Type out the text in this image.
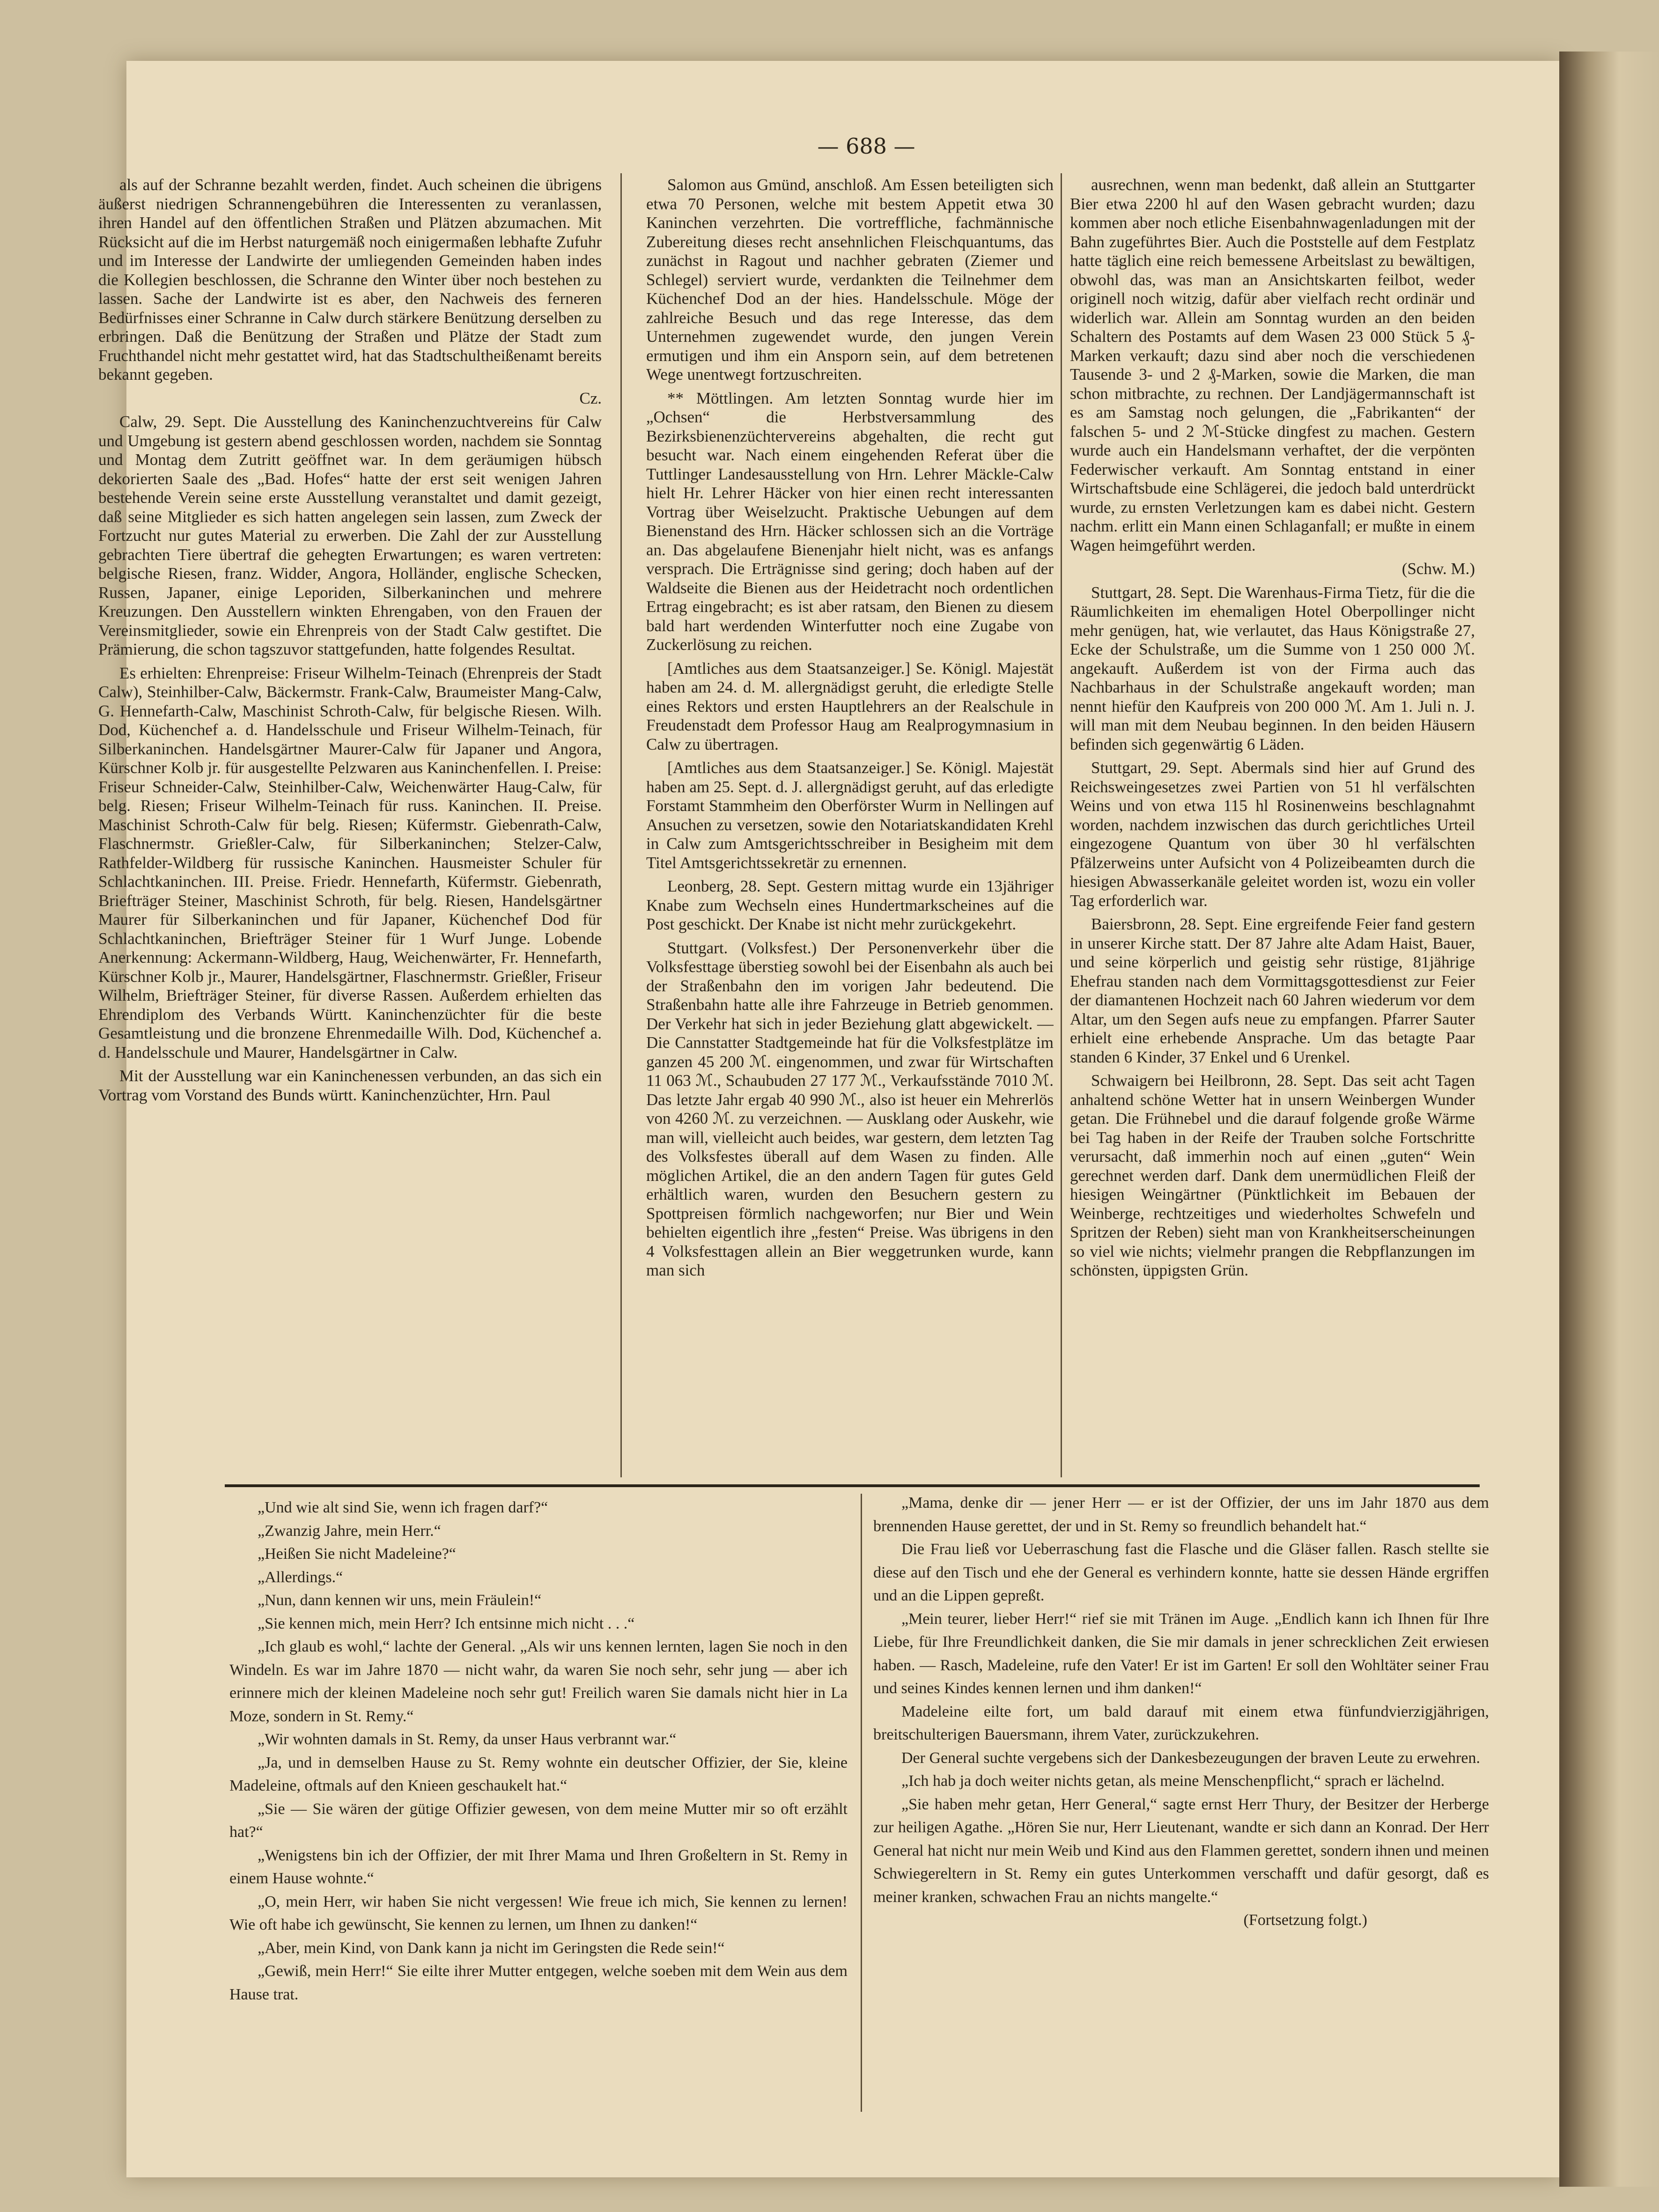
— 688 —

als auf der Schranne bezahlt werden, findet. Auch scheinen die übrigens äußerst niedrigen Schrannengebühren die Interessenten zu veranlassen, ihren Handel auf den öffentlichen Straßen und Plätzen abzumachen. Mit Rücksicht auf die im Herbst naturgemäß noch einigermaßen lebhafte Zufuhr und im Interesse der Landwirte der umliegenden Gemeinden haben indes die Kollegien beschlossen, die Schranne den Winter über noch bestehen zu lassen. Sache der Landwirte ist es aber, den Nachweis des ferneren Bedürfnisses einer Schranne in Calw durch stärkere Benützung derselben zu erbringen. Daß die Benützung der Straßen und Plätze der Stadt zum Fruchthandel nicht mehr gestattet wird, hat das Stadtschultheißenamt bereits bekannt gegeben.

Cz.

Calw, 29. Sept. Die Ausstellung des Kaninchenzuchtvereins für Calw und Umgebung ist gestern abend geschlossen worden, nachdem sie Sonntag und Montag dem Zutritt geöffnet war. In dem geräumigen hübsch dekorierten Saale des „Bad. Hofes“ hatte der erst seit wenigen Jahren bestehende Verein seine erste Ausstellung veranstaltet und damit gezeigt, daß seine Mitglieder es sich hatten angelegen sein lassen, zum Zweck der Fortzucht nur gutes Material zu erwerben. Die Zahl der zur Ausstellung gebrachten Tiere übertraf die gehegten Erwartungen; es waren vertreten: belgische Riesen, franz. Widder, Angora, Holländer, englische Schecken, Russen, Japaner, einige Leporiden, Silberkaninchen und mehrere Kreuzungen. Den Ausstellern winkten Ehrengaben, von den Frauen der Vereinsmitglieder, sowie ein Ehrenpreis von der Stadt Calw gestiftet. Die Prämierung, die schon tagszuvor stattgefunden, hatte folgendes Resultat.

Es erhielten: Ehrenpreise: Friseur Wilhelm-Teinach (Ehrenpreis der Stadt Calw), Steinhilber-Calw, Bäckermstr. Frank-Calw, Braumeister Mang-Calw, G. Hennefarth-Calw, Maschinist Schroth-Calw, für belgische Riesen. Wilh. Dod, Küchenchef a. d. Handelsschule und Friseur Wilhelm-Teinach, für Silberkaninchen. Handelsgärtner Maurer-Calw für Japaner und Angora, Kürschner Kolb jr. für ausgestellte Pelzwaren aus Kaninchenfellen. I. Preise: Friseur Schneider-Calw, Steinhilber-Calw, Weichenwärter Haug-Calw, für belg. Riesen; Friseur Wilhelm-Teinach für russ. Kaninchen. II. Preise. Maschinist Schroth-Calw für belg. Riesen; Küfermstr. Giebenrath-Calw, Flaschnermstr. Grießler-Calw, für Silberkaninchen; Stelzer-Calw, Rathfelder-Wildberg für russische Kaninchen. Hausmeister Schuler für Schlachtkaninchen. III. Preise. Friedr. Hennefarth, Küfermstr. Giebenrath, Briefträger Steiner, Maschinist Schroth, für belg. Riesen, Handelsgärtner Maurer für Silberkaninchen und für Japaner, Küchenchef Dod für Schlachtkaninchen, Briefträger Steiner für 1 Wurf Junge. Lobende Anerkennung: Ackermann-Wildberg, Haug, Weichenwärter, Fr. Hennefarth, Kürschner Kolb jr., Maurer, Handelsgärtner, Flaschnermstr. Grießler, Friseur Wilhelm, Briefträger Steiner, für diverse Rassen. Außerdem erhielten das Ehrendiplom des Verbands Württ. Kaninchenzüchter für die beste Gesamtleistung und die bronzene Ehrenmedaille Wilh. Dod, Küchenchef a. d. Handelsschule und Maurer, Handelsgärtner in Calw.

Mit der Ausstellung war ein Kaninchenessen verbunden, an das sich ein Vortrag vom Vorstand des Bunds württ. Kaninchenzüchter, Hrn. Paul

Salomon aus Gmünd, anschloß. Am Essen beteiligten sich etwa 70 Personen, welche mit bestem Appetit etwa 30 Kaninchen verzehrten. Die vortreffliche, fachmännische Zubereitung dieses recht ansehnlichen Fleischquantums, das zunächst in Ragout und nachher gebraten (Ziemer und Schlegel) serviert wurde, verdankten die Teilnehmer dem Küchenchef Dod an der hies. Handelsschule. Möge der zahlreiche Besuch und das rege Interesse, das dem Unternehmen zugewendet wurde, den jungen Verein ermutigen und ihm ein Ansporn sein, auf dem betretenen Wege unentwegt fortzuschreiten.

** Möttlingen. Am letzten Sonntag wurde hier im „Ochsen“ die Herbstversammlung des Bezirksbienenzüchtervereins abgehalten, die recht gut besucht war. Nach einem eingehenden Referat über die Tuttlinger Landesausstellung von Hrn. Lehrer Mäckle-Calw hielt Hr. Lehrer Häcker von hier einen recht interessanten Vortrag über Weiselzucht. Praktische Uebungen auf dem Bienenstand des Hrn. Häcker schlossen sich an die Vorträge an. Das abgelaufene Bienenjahr hielt nicht, was es anfangs versprach. Die Erträgnisse sind gering; doch haben auf der Waldseite die Bienen aus der Heidetracht noch ordentlichen Ertrag eingebracht; es ist aber ratsam, den Bienen zu diesem bald hart werdenden Winterfutter noch eine Zugabe von Zuckerlösung zu reichen.

[Amtliches aus dem Staatsanzeiger.] Se. Königl. Majestät haben am 24. d. M. allergnädigst geruht, die erledigte Stelle eines Rektors und ersten Hauptlehrers an der Realschule in Freudenstadt dem Professor Haug am Realprogymnasium in Calw zu übertragen.

[Amtliches aus dem Staatsanzeiger.] Se. Königl. Majestät haben am 25. Sept. d. J. allergnädigst geruht, auf das erledigte Forstamt Stammheim den Oberförster Wurm in Nellingen auf Ansuchen zu versetzen, sowie den Notariatskandidaten Krehl in Calw zum Amtsgerichtsschreiber in Besigheim mit dem Titel Amtsgerichtssekretär zu ernennen.

Leonberg, 28. Sept. Gestern mittag wurde ein 13jähriger Knabe zum Wechseln eines Hundertmarkscheines auf die Post geschickt. Der Knabe ist nicht mehr zurückgekehrt.

Stuttgart. (Volksfest.) Der Personenverkehr über die Volksfesttage überstieg sowohl bei der Eisenbahn als auch bei der Straßenbahn den im vorigen Jahr bedeutend. Die Straßenbahn hatte alle ihre Fahrzeuge in Betrieb genommen. Der Verkehr hat sich in jeder Beziehung glatt abgewickelt. — Die Cannstatter Stadtgemeinde hat für die Volksfestplätze im ganzen 45 200 ℳ. eingenommen, und zwar für Wirtschaften 11 063 ℳ., Schaubuden 27 177 ℳ., Verkaufsstände 7010 ℳ. Das letzte Jahr ergab 40 990 ℳ., also ist heuer ein Mehrerlös von 4260 ℳ. zu verzeichnen. — Ausklang oder Auskehr, wie man will, vielleicht auch beides, war gestern, dem letzten Tag des Volksfestes überall auf dem Wasen zu finden. Alle möglichen Artikel, die an den andern Tagen für gutes Geld erhältlich waren, wurden den Besuchern gestern zu Spottpreisen förmlich nachgeworfen; nur Bier und Wein behielten eigentlich ihre „festen“ Preise. Was übrigens in den 4 Volksfesttagen allein an Bier weggetrunken wurde, kann man sich

ausrechnen, wenn man bedenkt, daß allein an Stuttgarter Bier etwa 2200 hl auf den Wasen gebracht wurden; dazu kommen aber noch etliche Eisenbahnwagenladungen mit der Bahn zugeführtes Bier. Auch die Poststelle auf dem Festplatz hatte täglich eine reich bemessene Arbeitslast zu bewältigen, obwohl das, was man an Ansichtskarten feilbot, weder originell noch witzig, dafür aber vielfach recht ordinär und widerlich war. Allein am Sonntag wurden an den beiden Schaltern des Postamts auf dem Wasen 23 000 Stück 5 ₰-Marken verkauft; dazu sind aber noch die verschiedenen Tausende 3- und 2 ₰-Marken, sowie die Marken, die man schon mitbrachte, zu rechnen. Der Landjägermannschaft ist es am Samstag noch gelungen, die „Fabrikanten“ der falschen 5- und 2 ℳ-Stücke dingfest zu machen. Gestern wurde auch ein Handelsmann verhaftet, der die verpönten Federwischer verkauft. Am Sonntag entstand in einer Wirtschaftsbude eine Schlägerei, die jedoch bald unterdrückt wurde, zu ernsten Verletzungen kam es dabei nicht. Gestern nachm. erlitt ein Mann einen Schlaganfall; er mußte in einem Wagen heimgeführt werden.

(Schw. M.)

Stuttgart, 28. Sept. Die Warenhaus-Firma Tietz, für die die Räumlichkeiten im ehemaligen Hotel Oberpollinger nicht mehr genügen, hat, wie verlautet, das Haus Königstraße 27, Ecke der Schulstraße, um die Summe von 1 250 000 ℳ. angekauft. Außerdem ist von der Firma auch das Nachbarhaus in der Schulstraße angekauft worden; man nennt hiefür den Kaufpreis von 200 000 ℳ. Am 1. Juli n. J. will man mit dem Neubau beginnen. In den beiden Häusern befinden sich gegenwärtig 6 Läden.

Stuttgart, 29. Sept. Abermals sind hier auf Grund des Reichsweingesetzes zwei Partien von 51 hl verfälschten Weins und von etwa 115 hl Rosinenweins beschlagnahmt worden, nachdem inzwischen das durch gerichtliches Urteil eingezogene Quantum von über 30 hl verfälschten Pfälzerweins unter Aufsicht von 4 Polizeibeamten durch die hiesigen Abwasserkanäle geleitet worden ist, wozu ein voller Tag erforderlich war.

Baiersbronn, 28. Sept. Eine ergreifende Feier fand gestern in unserer Kirche statt. Der 87 Jahre alte Adam Haist, Bauer, und seine körperlich und geistig sehr rüstige, 81jährige Ehefrau standen nach dem Vormittagsgottesdienst zur Feier der diamantenen Hochzeit nach 60 Jahren wiederum vor dem Altar, um den Segen aufs neue zu empfangen. Pfarrer Sauter erhielt eine erhebende Ansprache. Um das betagte Paar standen 6 Kinder, 37 Enkel und 6 Urenkel.

Schwaigern bei Heilbronn, 28. Sept. Das seit acht Tagen anhaltend schöne Wetter hat in unsern Weinbergen Wunder getan. Die Frühnebel und die darauf folgende große Wärme bei Tag haben in der Reife der Trauben solche Fortschritte verursacht, daß immerhin noch auf einen „guten“ Wein gerechnet werden darf. Dank dem unermüdlichen Fleiß der hiesigen Weingärtner (Pünktlichkeit im Bebauen der Weinberge, rechtzeitiges und wiederholtes Schwefeln und Spritzen der Reben) sieht man von Krankheitserscheinungen so viel wie nichts; vielmehr prangen die Rebpflanzungen im schönsten, üppigsten Grün.

„Und wie alt sind Sie, wenn ich fragen darf?“

„Zwanzig Jahre, mein Herr.“

„Heißen Sie nicht Madeleine?“

„Allerdings.“

„Nun, dann kennen wir uns, mein Fräulein!“

„Sie kennen mich, mein Herr? Ich entsinne mich nicht . . .“

„Ich glaub es wohl,“ lachte der General. „Als wir uns kennen lernten, lagen Sie noch in den Windeln. Es war im Jahre 1870 — nicht wahr, da waren Sie noch sehr, sehr jung — aber ich erinnere mich der kleinen Madeleine noch sehr gut! Freilich waren Sie damals nicht hier in La Moze, sondern in St. Remy.“

„Wir wohnten damals in St. Remy, da unser Haus verbrannt war.“

„Ja, und in demselben Hause zu St. Remy wohnte ein deutscher Offizier, der Sie, kleine Madeleine, oftmals auf den Knieen geschaukelt hat.“

„Sie — Sie wären der gütige Offizier gewesen, von dem meine Mutter mir so oft erzählt hat?“

„Wenigstens bin ich der Offizier, der mit Ihrer Mama und Ihren Großeltern in St. Remy in einem Hause wohnte.“

„O, mein Herr, wir haben Sie nicht vergessen! Wie freue ich mich, Sie kennen zu lernen! Wie oft habe ich gewünscht, Sie kennen zu lernen, um Ihnen zu danken!“

„Aber, mein Kind, von Dank kann ja nicht im Geringsten die Rede sein!“

„Gewiß, mein Herr!“ Sie eilte ihrer Mutter entgegen, welche soeben mit dem Wein aus dem Hause trat.

„Mama, denke dir — jener Herr — er ist der Offizier, der uns im Jahr 1870 aus dem brennenden Hause gerettet, der und in St. Remy so freundlich behandelt hat.“

Die Frau ließ vor Ueberraschung fast die Flasche und die Gläser fallen. Rasch stellte sie diese auf den Tisch und ehe der General es verhindern konnte, hatte sie dessen Hände ergriffen und an die Lippen gepreßt.

„Mein teurer, lieber Herr!“ rief sie mit Tränen im Auge. „Endlich kann ich Ihnen für Ihre Liebe, für Ihre Freundlichkeit danken, die Sie mir damals in jener schrecklichen Zeit erwiesen haben. — Rasch, Madeleine, rufe den Vater! Er ist im Garten! Er soll den Wohltäter seiner Frau und seines Kindes kennen lernen und ihm danken!“

Madeleine eilte fort, um bald darauf mit einem etwa fünfundvierzigjährigen, breitschulterigen Bauersmann, ihrem Vater, zurückzukehren.

Der General suchte vergebens sich der Dankesbezeugungen der braven Leute zu erwehren.

„Ich hab ja doch weiter nichts getan, als meine Menschenpflicht,“ sprach er lächelnd.

„Sie haben mehr getan, Herr General,“ sagte ernst Herr Thury, der Besitzer der Herberge zur heiligen Agathe. „Hören Sie nur, Herr Lieutenant, wandte er sich dann an Konrad. Der Herr General hat nicht nur mein Weib und Kind aus den Flammen gerettet, sondern ihnen und meinen Schwiegereltern in St. Remy ein gutes Unterkommen verschafft und dafür gesorgt, daß es meiner kranken, schwachen Frau an nichts mangelte.“

(Fortsetzung folgt.)
